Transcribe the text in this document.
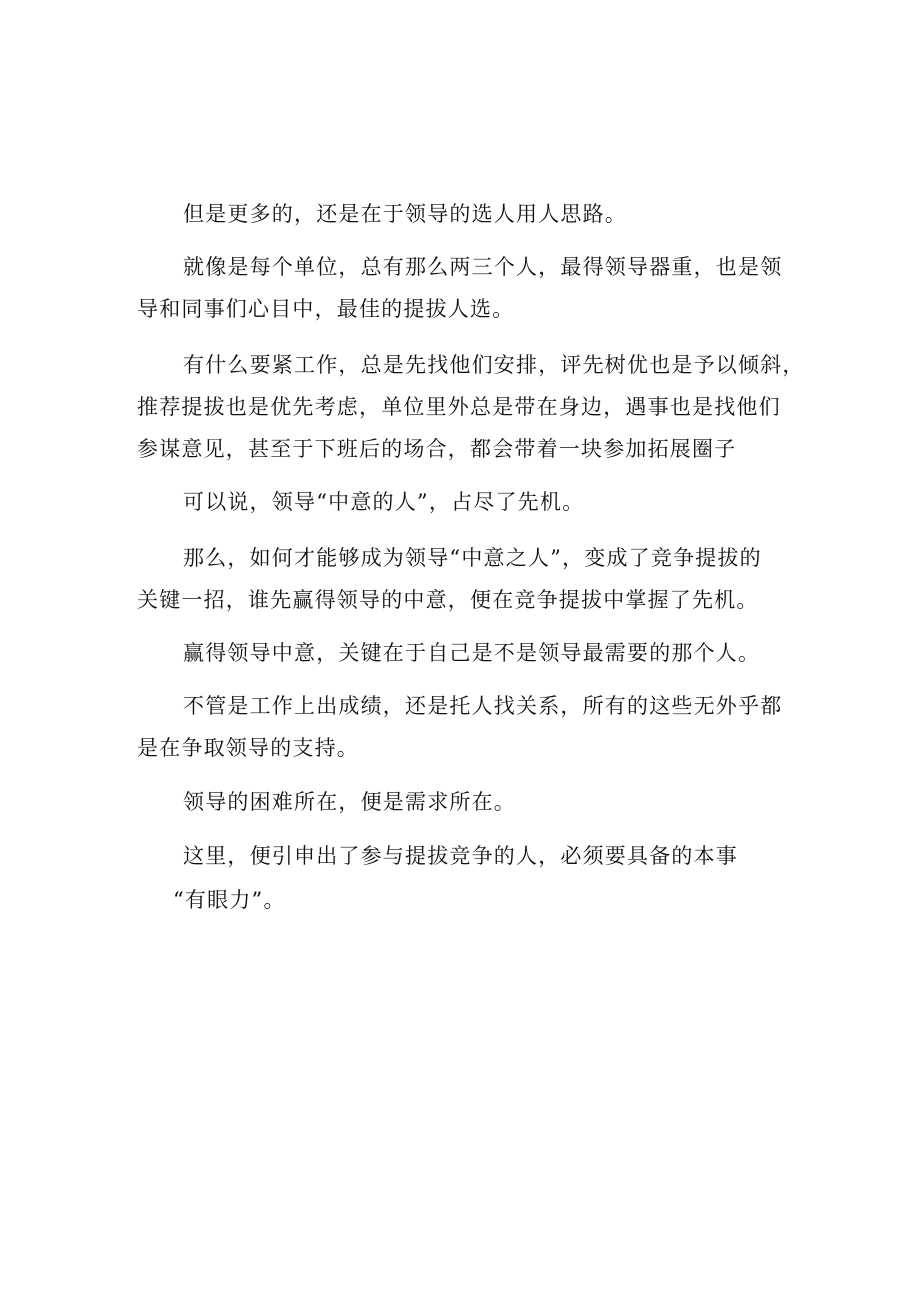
但是更多的，还是在于领导的选人用人思路。

就像是每个单位，总有那么两三个人，最得领导器重，也是领
导和同事们心目中，最佳的提拔人选。
有什么要紧工作，总是先找他们安排，评先树优也是予以倾斜，
推荐提拔也是优先考虑，单位里外总是带在身边，遇事也是找他们
参谋意见，甚至于下班后的场合，都会带着一块参加拓展圈子

可以说，领导“中意的人”，占尽了先机。

那么，如何才能够成为领导“中意之人”，变成了竞争提拔的
关键一招，谁先赢得领导的中意，便在竞争提拔中掌握了先机。

赢得领导中意，关键在于自己是不是领导最需要的那个人。

不管是工作上出成绩，还是托人找关系，所有的这些无外乎都
是在争取领导的支持。

领导的困难所在，便是需求所在。

这里，便引申出了参与提拔竞争的人，必须要具备的本事

“有眼力”。
